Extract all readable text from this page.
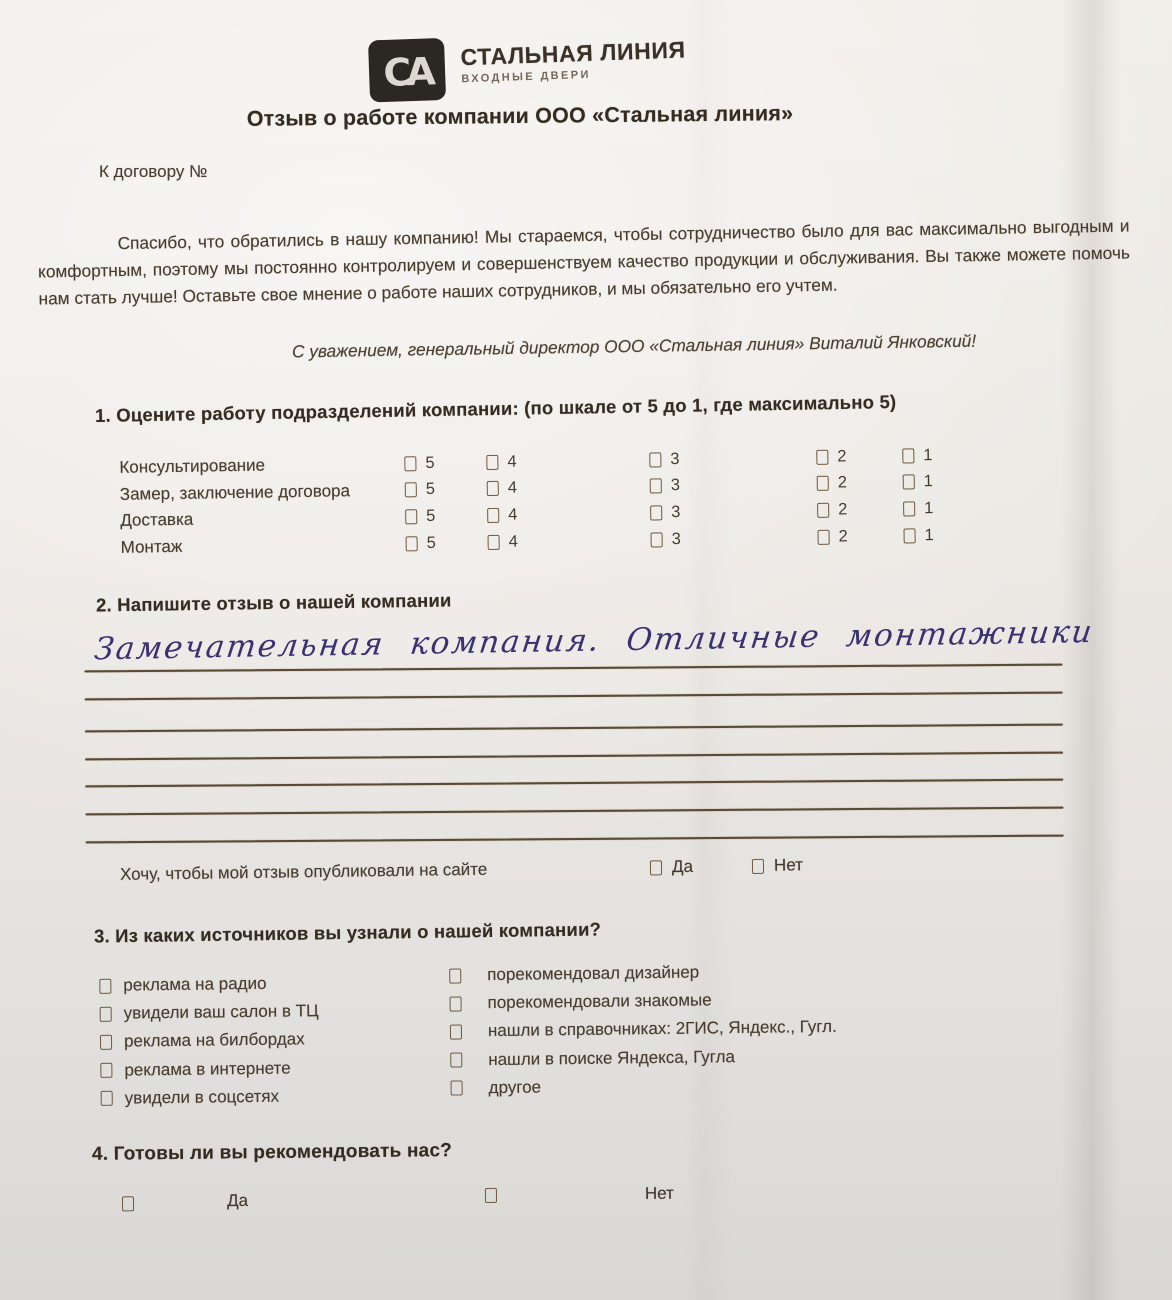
СА СТАЛЬНАЯ ЛИНИЯ
ВХОДНЫЕ ДВЕРИ
Отзыв о работе компании ООО «Стальная линия»
К договору №
Спасибо, что обратились в нашу компанию! Мы стараемся, чтобы сотрудничество было для вас максимально выгодным и комфортным, поэтому мы постоянно контролируем и совершенствуем качество продукции и обслуживания. Вы также можете помочь нам стать лучше! Оставьте свое мнение о работе наших сотрудников, и мы обязательно его учтем.
С уважением, генеральный директор ООО «Стальная линия» Виталий Янковский!
1. Оцените работу подразделений компании: (по шкале от 5 до 1, где максимально 5)
Консультирование	5	4	3	2	1
Замер, заключение договора	5	4	3	2	1
Доставка	5	4	3	2	1
Монтаж	5	4	3	2	1
2. Напишите отзыв о нашей компании
Замечательная компания. Отличные монтажники
Хочу, чтобы мой отзыв опубликовали на сайте	Да	Нет
3. Из каких источников вы узнали о нашей компании?
реклама на радио
увидели ваш салон в ТЦ
реклама на билбордах
реклама в интернете
увидели в соцсетях
порекомендовал дизайнер
порекомендовали знакомые
нашли в справочниках: 2ГИС, Яндекс., Гугл.
нашли в поиске Яндекса, Гугла
другое
4. Готовы ли вы рекомендовать нас?
Да	Нет
